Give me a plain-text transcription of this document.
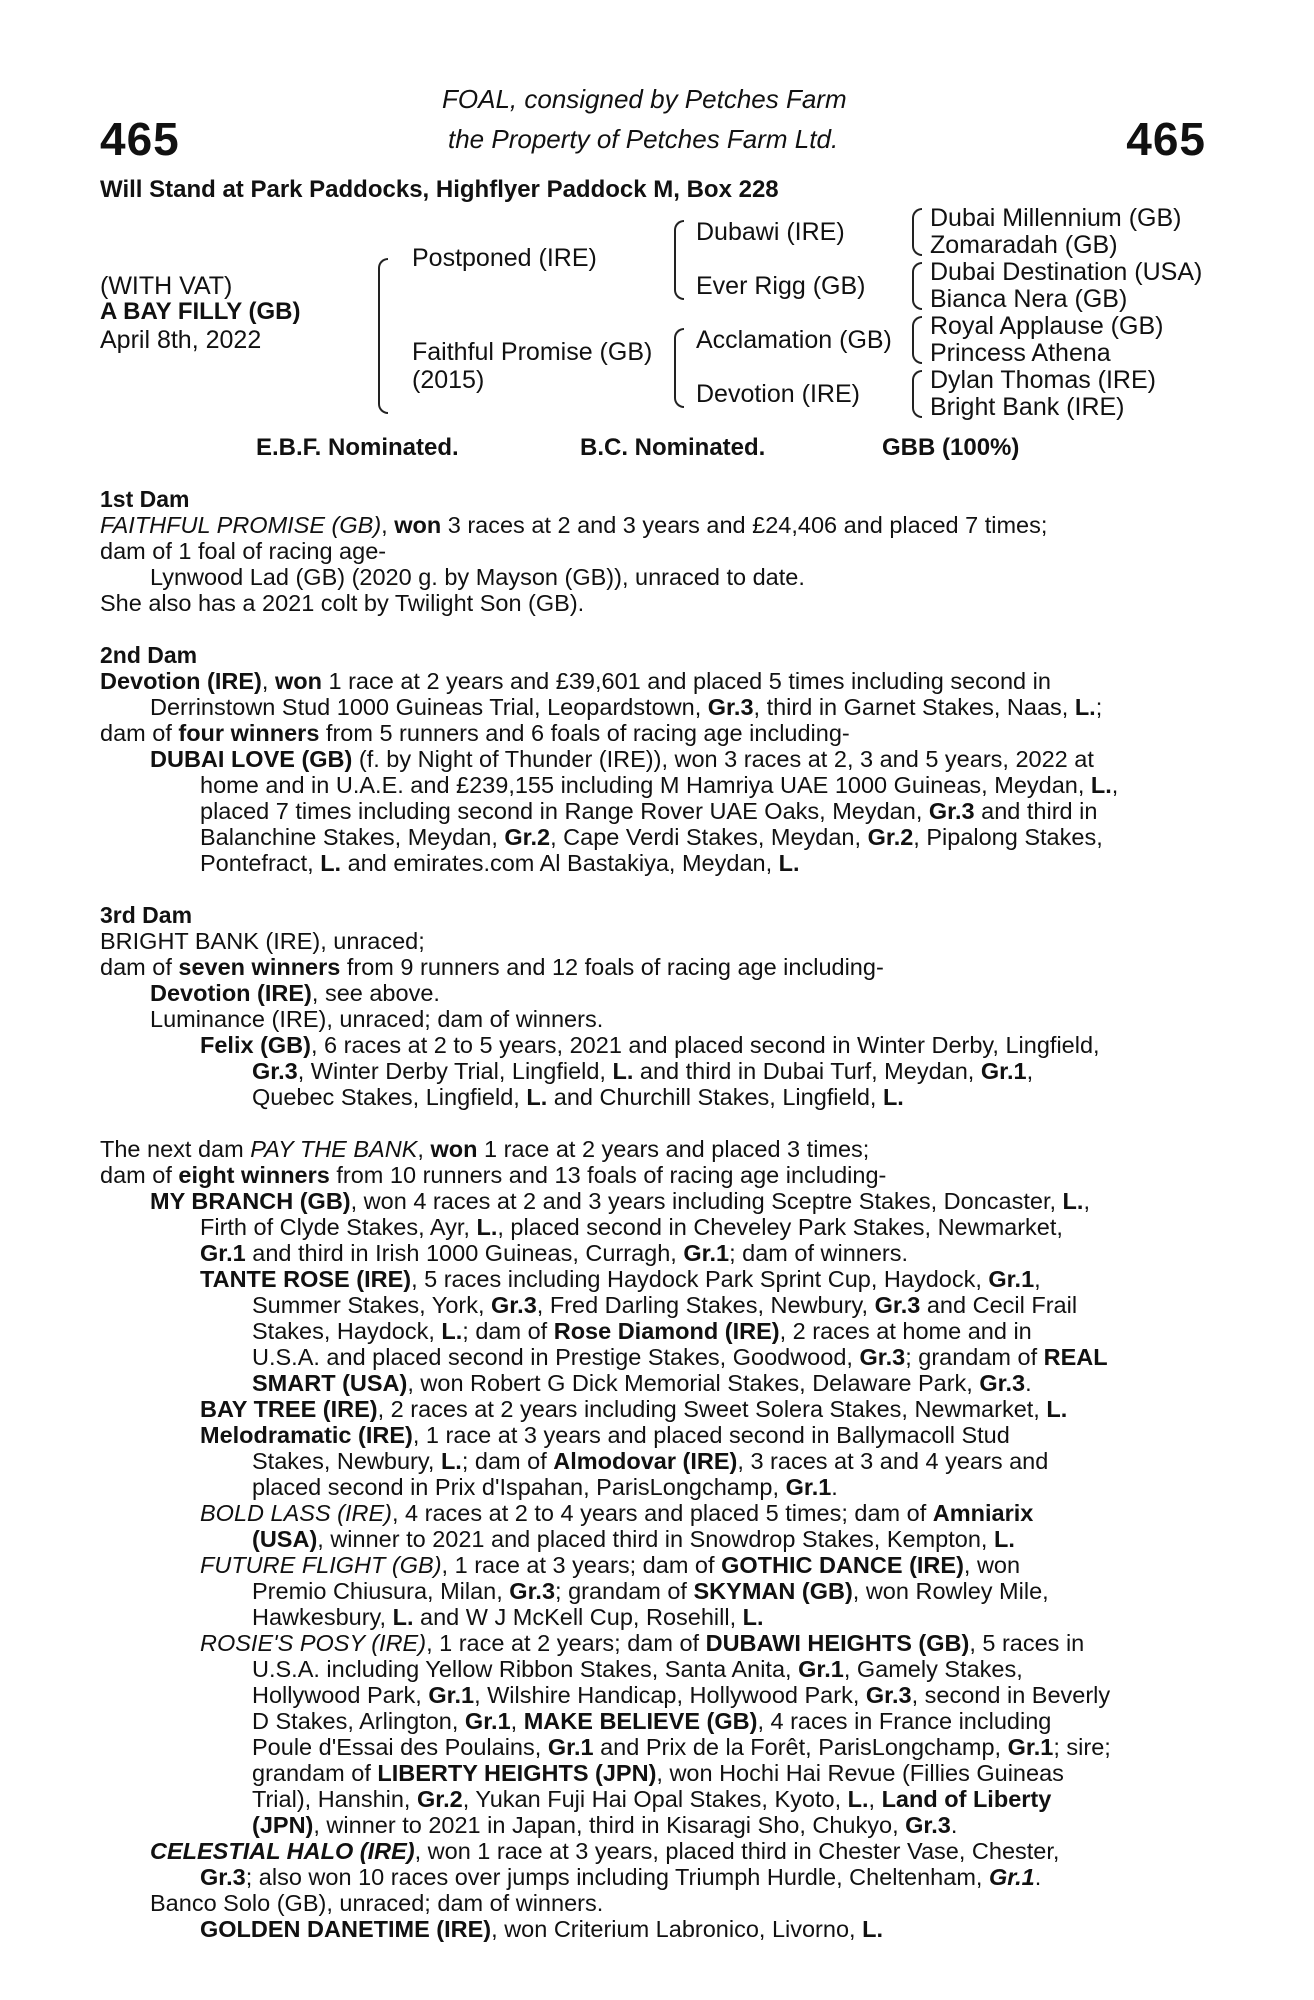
465	465
FOAL, consigned by Petches Farm
the Property of Petches Farm Ltd.
Will Stand at Park Paddocks, Highflyer Paddock M, Box 228
(WITH VAT)
A BAY FILLY (GB)
April 8th, 2022
Postponed (IRE)
Faithful Promise (GB)
(2015)
Dubawi (IRE)
Ever Rigg (GB)
Acclamation (GB)
Devotion (IRE)
Dubai Millennium (GB)
Zomaradah (GB)
Dubai Destination (USA)
Bianca Nera (GB)
Royal Applause (GB)
Princess Athena
Dylan Thomas (IRE)
Bright Bank (IRE)
E.B.F. Nominated.	B.C. Nominated.	GBB (100%)
1st Dam
FAITHFUL PROMISE (GB), won 3 races at 2 and 3 years and £24,406 and placed 7 times;
dam of 1 foal of racing age-
Lynwood Lad (GB) (2020 g. by Mayson (GB)), unraced to date.
She also has a 2021 colt by Twilight Son (GB).
2nd Dam
Devotion (IRE), won 1 race at 2 years and £39,601 and placed 5 times including second in
Derrinstown Stud 1000 Guineas Trial, Leopardstown, Gr.3, third in Garnet Stakes, Naas, L.;
dam of four winners from 5 runners and 6 foals of racing age including-
DUBAI LOVE (GB) (f. by Night of Thunder (IRE)), won 3 races at 2, 3 and 5 years, 2022 at
home and in U.A.E. and £239,155 including M Hamriya UAE 1000 Guineas, Meydan, L.,
placed 7 times including second in Range Rover UAE Oaks, Meydan, Gr.3 and third in
Balanchine Stakes, Meydan, Gr.2, Cape Verdi Stakes, Meydan, Gr.2, Pipalong Stakes,
Pontefract, L. and emirates.com Al Bastakiya, Meydan, L.
3rd Dam
BRIGHT BANK (IRE), unraced;
dam of seven winners from 9 runners and 12 foals of racing age including-
Devotion (IRE), see above.
Luminance (IRE), unraced; dam of winners.
Felix (GB), 6 races at 2 to 5 years, 2021 and placed second in Winter Derby, Lingfield,
Gr.3, Winter Derby Trial, Lingfield, L. and third in Dubai Turf, Meydan, Gr.1,
Quebec Stakes, Lingfield, L. and Churchill Stakes, Lingfield, L.
The next dam PAY THE BANK, won 1 race at 2 years and placed 3 times;
dam of eight winners from 10 runners and 13 foals of racing age including-
MY BRANCH (GB), won 4 races at 2 and 3 years including Sceptre Stakes, Doncaster, L.,
Firth of Clyde Stakes, Ayr, L., placed second in Cheveley Park Stakes, Newmarket,
Gr.1 and third in Irish 1000 Guineas, Curragh, Gr.1; dam of winners.
TANTE ROSE (IRE), 5 races including Haydock Park Sprint Cup, Haydock, Gr.1,
Summer Stakes, York, Gr.3, Fred Darling Stakes, Newbury, Gr.3 and Cecil Frail
Stakes, Haydock, L.; dam of Rose Diamond (IRE), 2 races at home and in
U.S.A. and placed second in Prestige Stakes, Goodwood, Gr.3; grandam of REAL
SMART (USA), won Robert G Dick Memorial Stakes, Delaware Park, Gr.3.
BAY TREE (IRE), 2 races at 2 years including Sweet Solera Stakes, Newmarket, L.
Melodramatic (IRE), 1 race at 3 years and placed second in Ballymacoll Stud
Stakes, Newbury, L.; dam of Almodovar (IRE), 3 races at 3 and 4 years and
placed second in Prix d'Ispahan, ParisLongchamp, Gr.1.
BOLD LASS (IRE), 4 races at 2 to 4 years and placed 5 times; dam of Amniarix
(USA), winner to 2021 and placed third in Snowdrop Stakes, Kempton, L.
FUTURE FLIGHT (GB), 1 race at 3 years; dam of GOTHIC DANCE (IRE), won
Premio Chiusura, Milan, Gr.3; grandam of SKYMAN (GB), won Rowley Mile,
Hawkesbury, L. and W J McKell Cup, Rosehill, L.
ROSIE'S POSY (IRE), 1 race at 2 years; dam of DUBAWI HEIGHTS (GB), 5 races in
U.S.A. including Yellow Ribbon Stakes, Santa Anita, Gr.1, Gamely Stakes,
Hollywood Park, Gr.1, Wilshire Handicap, Hollywood Park, Gr.3, second in Beverly
D Stakes, Arlington, Gr.1, MAKE BELIEVE (GB), 4 races in France including
Poule d'Essai des Poulains, Gr.1 and Prix de la Forêt, ParisLongchamp, Gr.1; sire;
grandam of LIBERTY HEIGHTS (JPN), won Hochi Hai Revue (Fillies Guineas
Trial), Hanshin, Gr.2, Yukan Fuji Hai Opal Stakes, Kyoto, L., Land of Liberty
(JPN), winner to 2021 in Japan, third in Kisaragi Sho, Chukyo, Gr.3.
CELESTIAL HALO (IRE), won 1 race at 3 years, placed third in Chester Vase, Chester,
Gr.3; also won 10 races over jumps including Triumph Hurdle, Cheltenham, Gr.1.
Banco Solo (GB), unraced; dam of winners.
GOLDEN DANETIME (IRE), won Criterium Labronico, Livorno, L.
